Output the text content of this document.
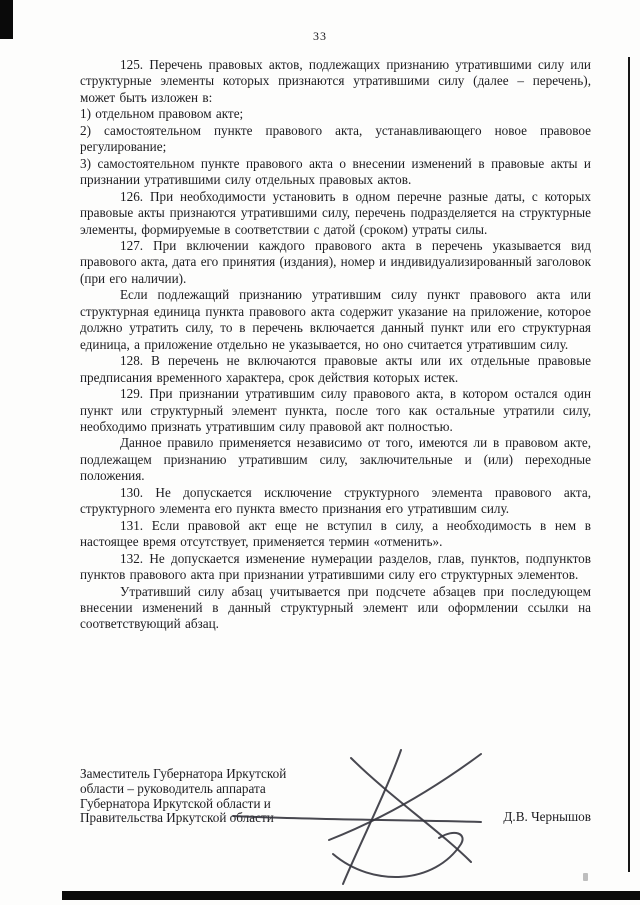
33

125. Перечень правовых актов, подлежащих признанию утратившими силу или структурные элементы которых признаются утратившими силу (далее – перечень), может быть изложен в:

1) отдельном правовом акте;

2) самостоятельном пункте правового акта, устанавливающего новое правовое регулирование;

3) самостоятельном пункте правового акта о внесении изменений в правовые акты и признании утратившими силу отдельных правовых актов.

126. При необходимости установить в одном перечне разные даты, с которых правовые акты признаются утратившими силу, перечень подразделяется на структурные элементы, формируемые в соответствии с датой (сроком) утраты силы.

127. При включении каждого правового акта в перечень указывается вид правового акта, дата его принятия (издания), номер и индивидуализированный заголовок (при его наличии).

Если подлежащий признанию утратившим силу пункт правового акта или структурная единица пункта правового акта содержит указание на приложение, которое должно утратить силу, то в перечень включается данный пункт или его структурная единица, а приложение отдельно не указывается, но оно считается утратившим силу.

128. В перечень не включаются правовые акты или их отдельные правовые предписания временного характера, срок действия которых истек.

129. При признании утратившим силу правового акта, в котором остался один пункт или структурный элемент пункта, после того как остальные утратили силу, необходимо признать утратившим силу правовой акт полностью.

Данное правило применяется независимо от того, имеются ли в правовом акте, подлежащем признанию утратившим силу, заключительные и (или) переходные положения.

130. Не допускается исключение структурного элемента правового акта, структурного элемента его пункта вместо признания его утратившим силу.

131. Если правовой акт еще не вступил в силу, а необходимость в нем в настоящее время отсутствует, применяется термин «отменить».

132. Не допускается изменение нумерации разделов, глав, пунктов, подпунктов пунктов правового акта при признании утратившими силу его структурных элементов.

Утративший силу абзац учитывается при подсчете абзацев при последующем внесении изменений в данный структурный элемент или оформлении ссылки на соответствующий абзац.

Заместитель Губернатора Иркутской
области – руководитель аппарата
Губернатора Иркутской области и
Правительства Иркутской области	Д.В. Чернышов
